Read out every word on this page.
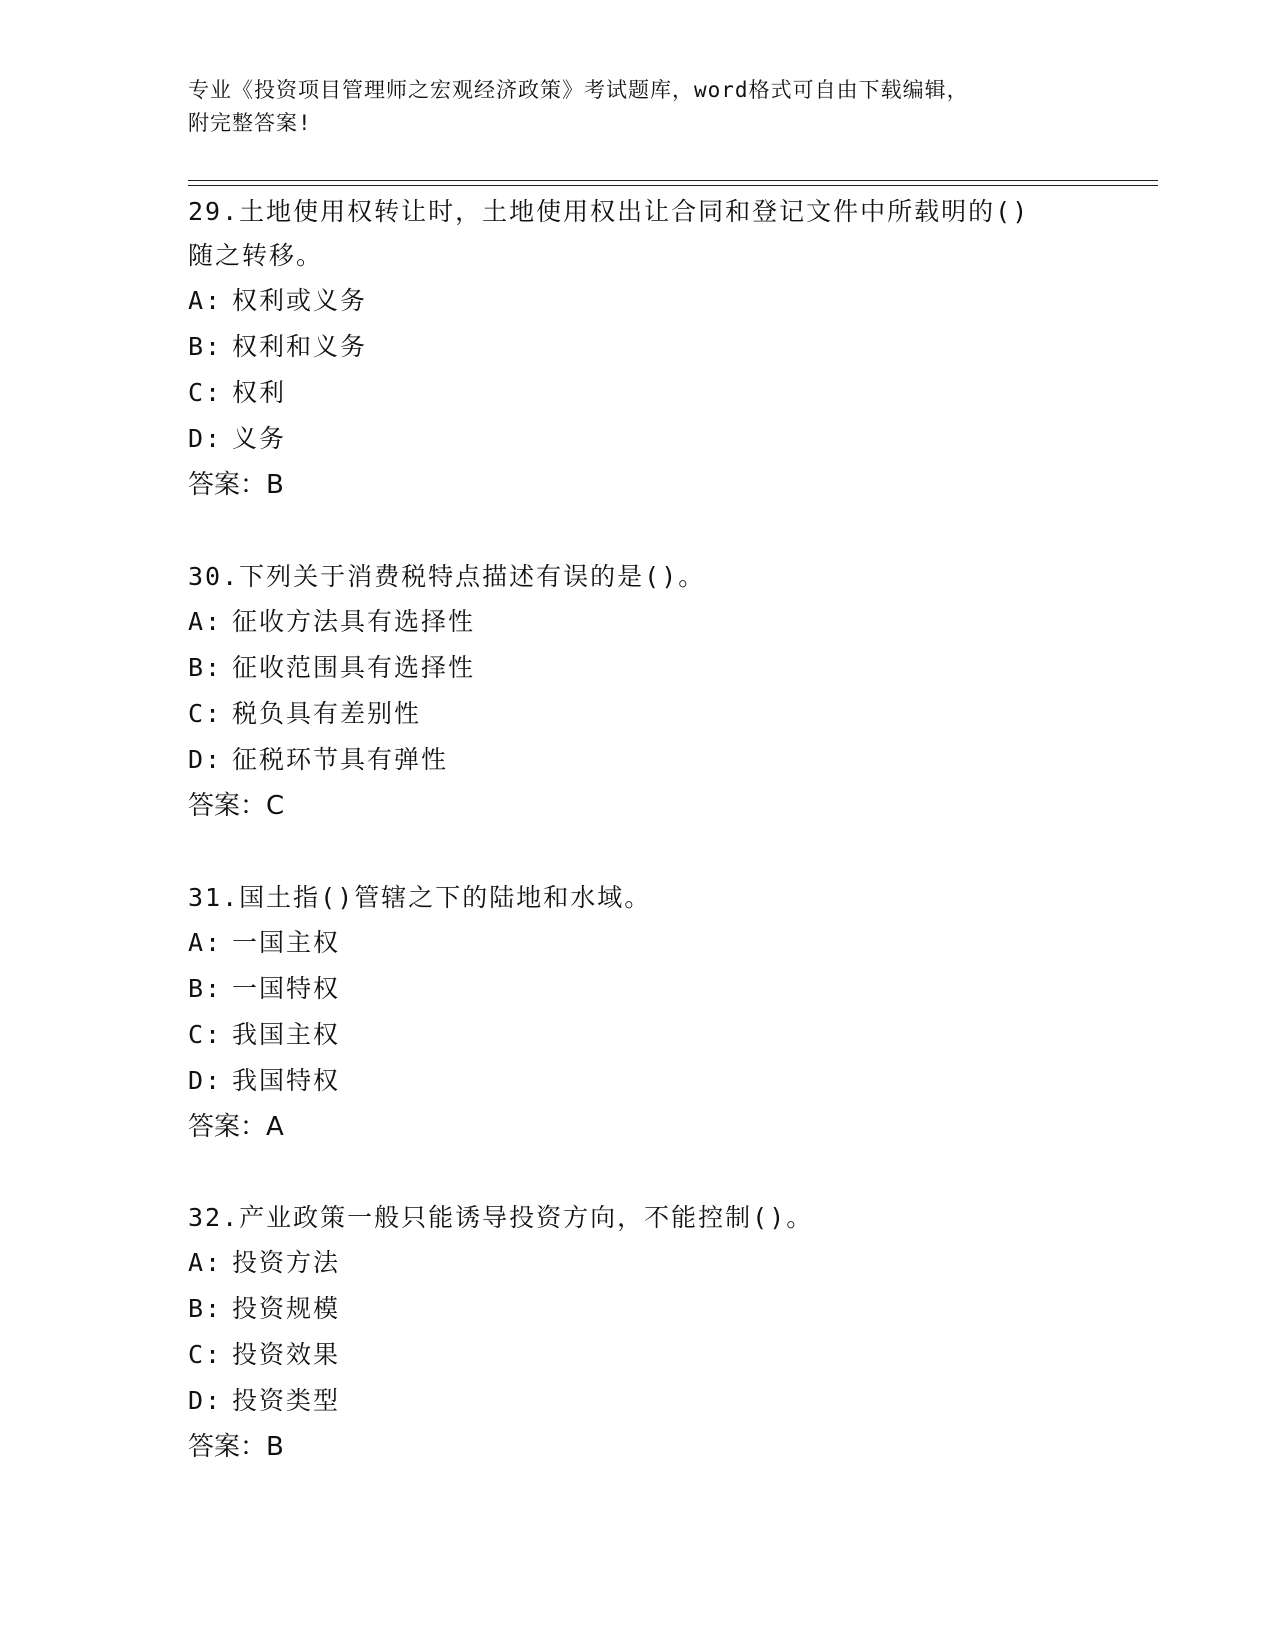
专业《投资项目管理师之宏观经济政策》考试题库，word格式可自由下载编辑，
附完整答案!

29.土地使用权转让时，土地使用权出让合同和登记文件中所载明的()

随之转移。

A: 权利或义务

B: 权利和义务

C: 权利

D: 义务

答案：B

30.下列关于消费税特点描述有误的是()。

A: 征收方法具有选择性

B: 征收范围具有选择性

C: 税负具有差别性

D: 征税环节具有弹性

答案：C

31.国土指()管辖之下的陆地和水域。

A: 一国主权

B: 一国特权

C: 我国主权

D: 我国特权

答案：A

32.产业政策一般只能诱导投资方向，不能控制()。

A: 投资方法

B: 投资规模

C: 投资效果

D: 投资类型

答案：B
